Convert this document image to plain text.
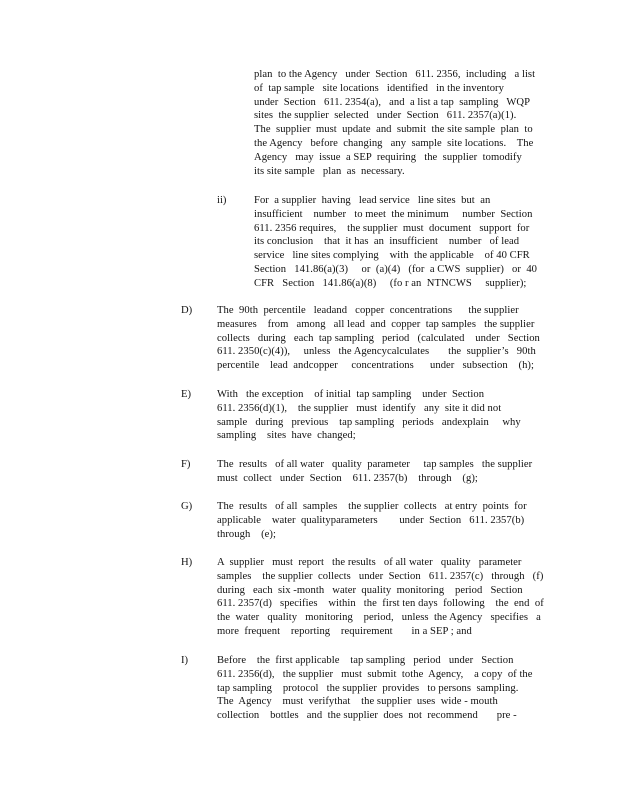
plan  to the Agency   under  Section   611. 2356,  including   a list
of  tap sample   site locations   identified   in the inventory
under  Section   611. 2354(a),   and  a list a tap  sampling   WQP
sites  the supplier  selected   under  Section   611. 2357(a)(1).
The  supplier  must  update  and  submit  the site sample  plan  to
the Agency   before  changing   any  sample  site locations.    The
Agency   may  issue  a SEP  requiring   the  supplier  tomodify
its site sample   plan  as  necessary.
ii)	For  a supplier  having   lead service   line sites  but  an
insufficient    number   to meet  the minimum     number  Section
611. 2356 requires,    the supplier  must  document   support  for
its conclusion    that  it has  an  insufficient    number   of lead
service   line sites complying    with  the applicable    of 40 CFR
Section   141.86(a)(3)     or  (a)(4)   (for  a CWS  supplier)   or  40
CFR   Section   141.86(a)(8)     (fo r an  NTNCWS     supplier);
D) The  90th  percentile   leadand   copper  concentrations      the supplier
measures    from   among   all lead  and  copper  tap samples   the supplier
collects   during   each  tap sampling   period   (calculated    under   Section
611. 2350(c)(4)),     unless   the Agencycalculates       the  supplier’s   90th
percentile    lead  andcopper     concentrations      under   subsection    (h);
E) With   the exception    of initial  tap sampling    under  Section
611. 2356(d)(1),    the supplier   must  identify   any  site it did not
sample   during   previous    tap sampling   periods   andexplain     why
sampling    sites  have  changed;
F)	The  results   of all water   quality  parameter     tap samples   the supplier
must  collect   under  Section    611. 2357(b)    through    (g);
G) The  results   of all  samples    the supplier  collects   at entry  points  for
applicable    water  qualityparameters        under  Section   611. 2357(b)
through    (e);
H) A  supplier   must  report   the results   of all water   quality   parameter
samples    the supplier  collects   under  Section   611. 2357(c)   through   (f)
during   each  six -month   water  quality  monitoring    period   Section
611. 2357(d)   specifies    within   the  first ten days  following    the  end  of
the  water   quality   monitoring    period,   unless  the Agency   specifies   a
more  frequent    reporting    requirement       in a SEP ; and
I)	Before    the  first applicable    tap sampling   period   under   Section
611. 2356(d),   the supplier   must  submit  tothe  Agency,    a copy  of the
tap sampling    protocol   the supplier  provides   to persons  sampling.
The  Agency    must  verifythat    the supplier  uses  wide - mouth
collection    bottles   and  the supplier  does  not  recommend       pre -
